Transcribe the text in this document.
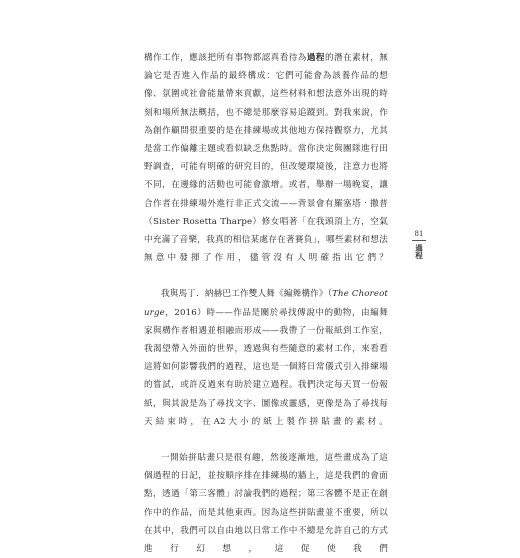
構作工作，應該把所有事物都認真看待為過程的潛在素材，無論它是否進入作品的最終構成：它們可能會為該養作品的想像、氛圍或社會能量帶來貢獻，這些材料和想法意外出現的時刻和場所無法概括，也不總是那麼容易追蹤到。對我來說，作為創作顧問很重要的是在排練場或其他地方保持觀察力，尤其是當工作偏離主題或看似缺乏焦點時。當你決定與團隊進行田野調查，可能有明確的研究目的，但改變環境後，注意力也將不同，在邊緣的活動也可能會激增。或者，舉辦一場晚宴，讓合作者在排練場外進行非正式交流——背景會有羅塞塔‧撒普（Sister Rosetta Tharpe）修女唱著「在我頭頂上方，空氣中充滿了音樂，我真的相信某處存在著賽負」，哪些素材和想法無意中發揮了作用，儘管沒有人明確指出它們？

我與馬丁．納赫巴工作雙人舞《編舞構作》（The Choreoturge，2016）時——作品是關於尋找傳說中的動物，由編舞家與構作者相遇並相融而形成——我帶了一份報紙到工作室，我渴望帶入外面的世界，透過與有些隨意的素材工作，來看看這將如何影響我們的過程，這也是一個將日常儀式引入排練場的嘗試，或許反過來有助於建立過程。我們決定每天買一份報紙，與其說是為了尋找文字、圖像或靈感，更像是為了尋找每天結束時，在A2大小的紙上製作拼貼畫的素材。

一開始拼貼畫只是很有趣，然後逐漸地，這些畫成為了這個過程的日記，並按順序排在排練場的牆上，這是我們的會面點，透過「第三客體」討論我們的過程；第三客體不是正在創作中的作品，而是其他東西。因為這些拼貼畫並不重要，所以在其中，我們可以自由地以日常工作中不總是允許自己的方式進行幻想，這促使我們

81
過程
